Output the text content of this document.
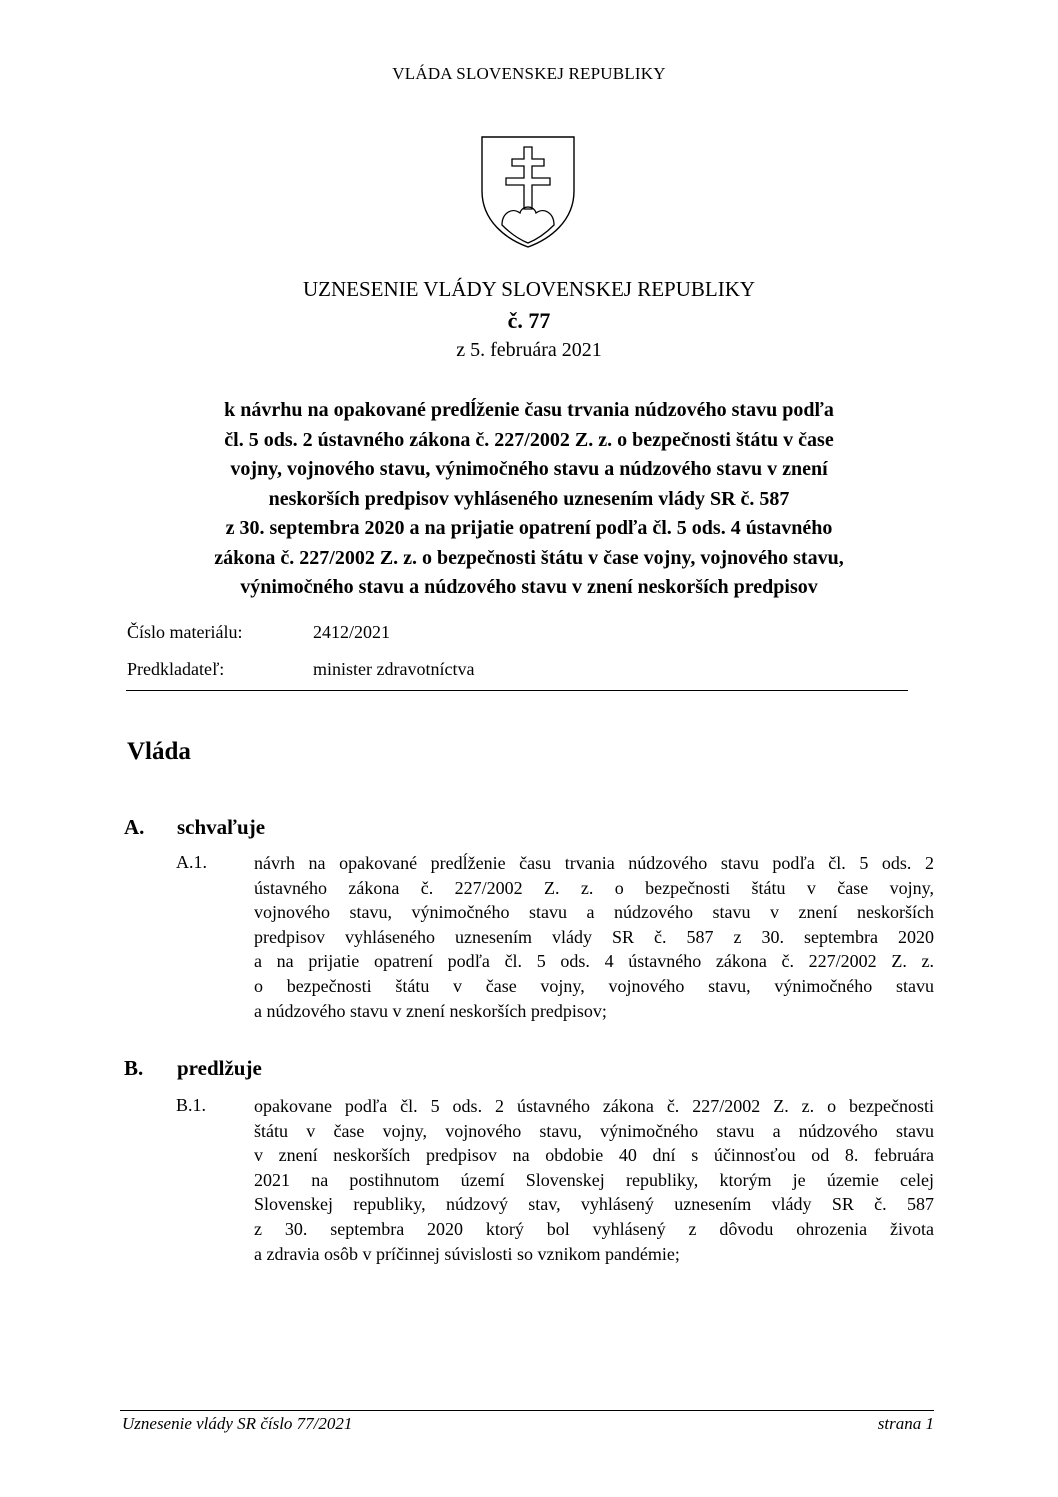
VLÁDA SLOVENSKEJ REPUBLIKY
UZNESENIE VLÁDY SLOVENSKEJ REPUBLIKY
č. 77
z 5. februára 2021
k návrhu na opakované predĺženie času trvania núdzového stavu podľa
čl. 5 ods. 2 ústavného zákona č. 227/2002 Z. z. o bezpečnosti štátu v čase
vojny, vojnového stavu, výnimočného stavu a núdzového stavu v znení
neskorších predpisov vyhláseného uznesením vlády SR č. 587
z 30. septembra 2020 a na prijatie opatrení podľa čl. 5 ods. 4 ústavného
zákona č. 227/2002 Z. z. o bezpečnosti štátu v čase vojny, vojnového stavu,
výnimočného stavu a núdzového stavu v znení neskorších predpisov
Číslo materiálu:	2412/2021
Predkladateľ:	minister zdravotníctva
Vláda
A. schvaľuje
A.1.	návrh na opakované predĺženie času trvania núdzového stavu podľa čl. 5 ods. 2
ústavného zákona č. 227/2002 Z. z. o bezpečnosti štátu v čase vojny,
vojnového stavu, výnimočného stavu a núdzového stavu v znení neskorších
predpisov vyhláseného uznesením vlády SR č. 587 z 30. septembra 2020
a na prijatie opatrení podľa čl. 5 ods. 4 ústavného zákona č. 227/2002 Z. z.
o bezpečnosti štátu v čase vojny, vojnového stavu, výnimočného stavu
a núdzového stavu v znení neskorších predpisov;
B. predlžuje
B.1.	opakovane podľa čl. 5 ods. 2 ústavného zákona č. 227/2002 Z. z. o bezpečnosti
štátu v čase vojny, vojnového stavu, výnimočného stavu a núdzového stavu
v znení neskorších predpisov na obdobie 40 dní s účinnosťou od 8. februára
2021 na postihnutom území Slovenskej republiky, ktorým je územie celej
Slovenskej republiky, núdzový stav, vyhlásený uznesením vlády SR č. 587
z 30. septembra 2020 ktorý bol vyhlásený z dôvodu ohrozenia života
a zdravia osôb v príčinnej súvislosti so vznikom pandémie;
Uznesenie vlády SR číslo 77/2021	strana 1
